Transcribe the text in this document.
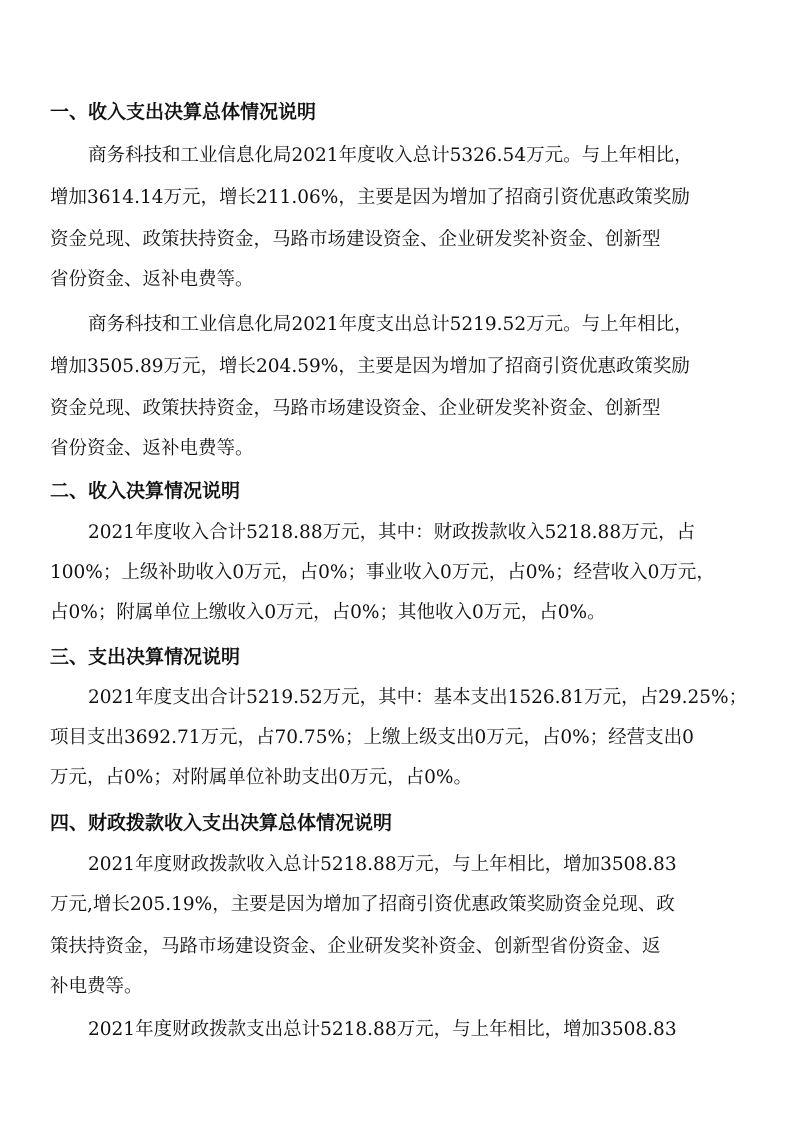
一、收入支出决算总体情况说明
商务科技和工业信息化局2021年度收入总计5326.54万元。与上年相比，
增加3614.14万元，增长211.06%，主要是因为增加了招商引资优惠政策奖励
资金兑现、政策扶持资金，马路市场建设资金、企业研发奖补资金、创新型
省份资金、返补电费等。
商务科技和工业信息化局2021年度支出总计5219.52万元。与上年相比，
增加3505.89万元，增长204.59%，主要是因为增加了招商引资优惠政策奖励
资金兑现、政策扶持资金，马路市场建设资金、企业研发奖补资金、创新型
省份资金、返补电费等。
二、收入决算情况说明
2021年度收入合计5218.88万元，其中：财政拨款收入5218.88万元，占
100%；上级补助收入0万元，占0%；事业收入0万元，占0%；经营收入0万元，
占0%；附属单位上缴收入0万元，占0%；其他收入0万元，占0%。
三、支出决算情况说明
2021年度支出合计5219.52万元，其中：基本支出1526.81万元，占29.25%；
项目支出3692.71万元，占70.75%；上缴上级支出0万元，占0%；经营支出0
万元，占0%；对附属单位补助支出0万元，占0%。
四、财政拨款收入支出决算总体情况说明
2021年度财政拨款收入总计5218.88万元，与上年相比，增加3508.83
万元,增长205.19%，主要是因为增加了招商引资优惠政策奖励资金兑现、政
策扶持资金，马路市场建设资金、企业研发奖补资金、创新型省份资金、返
补电费等。
2021年度财政拨款支出总计5218.88万元，与上年相比，增加3508.83
